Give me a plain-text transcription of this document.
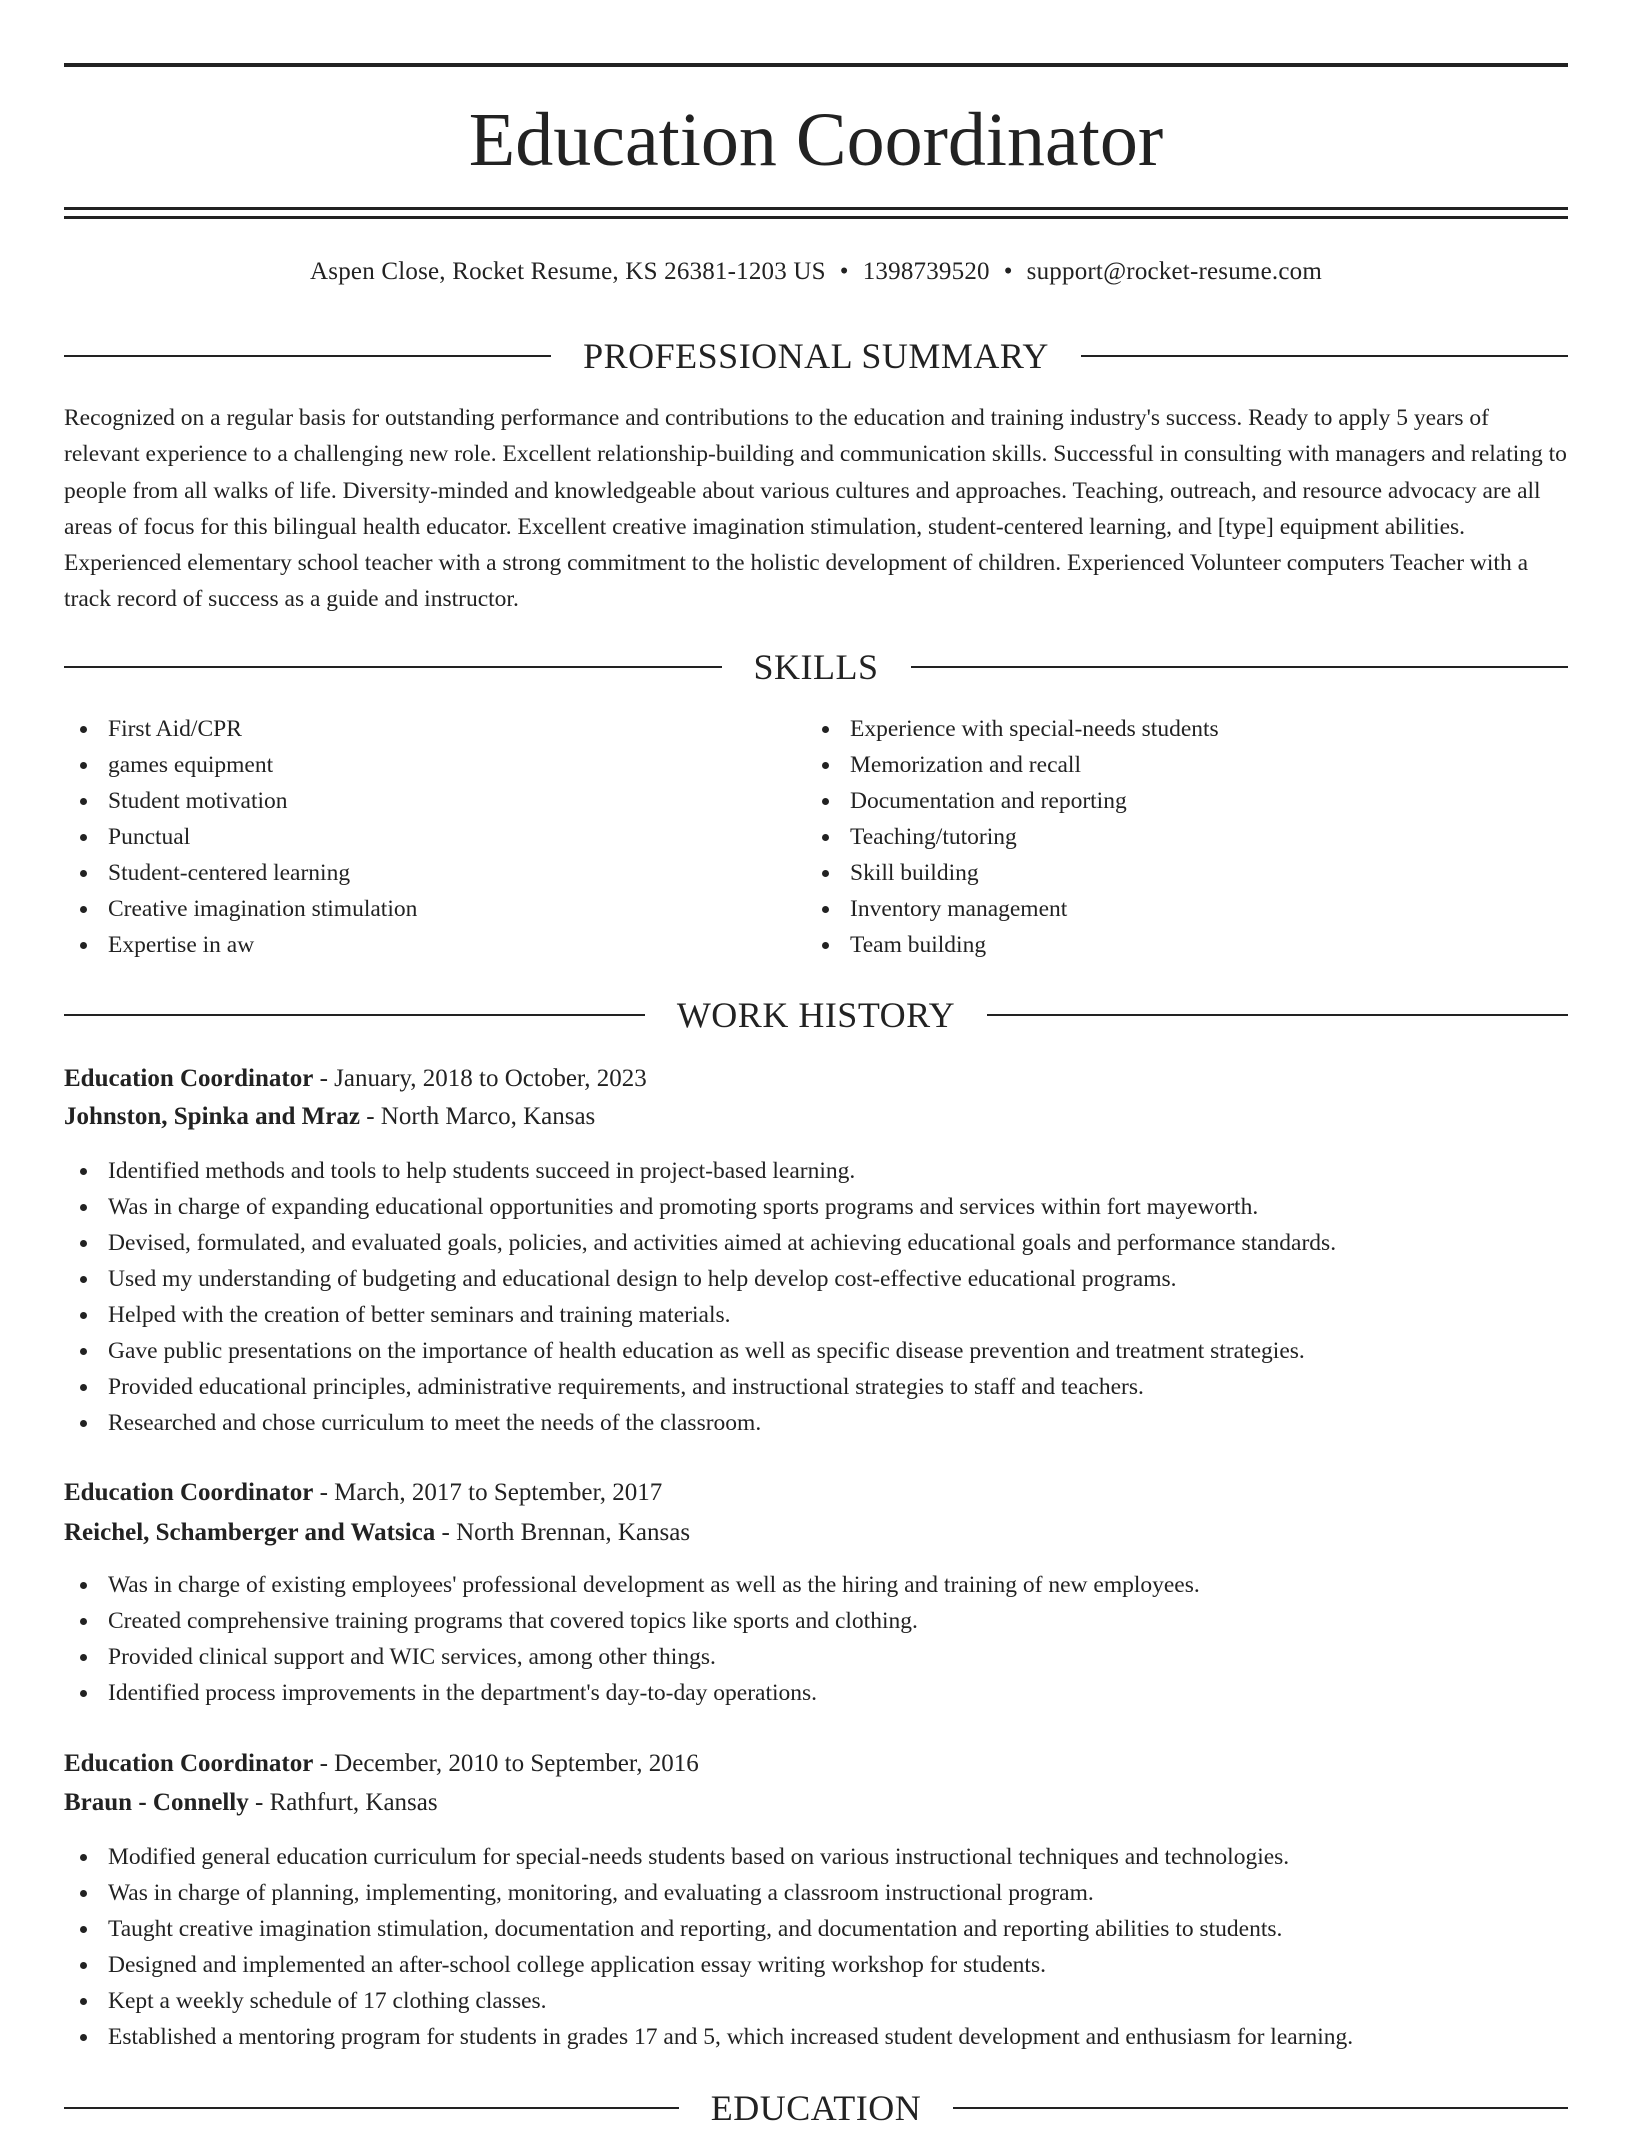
Education Coordinator
Aspen Close, Rocket Resume, KS 26381-1203 US • 1398739520 • support@rocket-resume.com
PROFESSIONAL SUMMARY

Recognized on a regular basis for outstanding performance and contributions to the education and training industry's success. Ready to apply 5 years of relevant experience to a challenging new role. Excellent relationship-building and communication skills. Successful in consulting with managers and relating to people from all walks of life. Diversity-minded and knowledgeable about various cultures and approaches. Teaching, outreach, and resource advocacy are all areas of focus for this bilingual health educator. Excellent creative imagination stimulation, student-centered learning, and [type] equipment abilities. Experienced elementary school teacher with a strong commitment to the holistic development of children. Experienced Volunteer computers Teacher with a track record of success as a guide and instructor.

SKILLS
First Aid/CPR
games equipment
Student motivation
Punctual
Student-centered learning
Creative imagination stimulation
Expertise in aw
Experience with special-needs students
Memorization and recall
Documentation and reporting
Teaching/tutoring
Skill building
Inventory management
Team building
WORK HISTORY
Education Coordinator - January, 2018 to October, 2023
Johnston, Spinka and Mraz - North Marco, Kansas
Identified methods and tools to help students succeed in project-based learning.
Was in charge of expanding educational opportunities and promoting sports programs and services within fort mayeworth.
Devised, formulated, and evaluated goals, policies, and activities aimed at achieving educational goals and performance standards.
Used my understanding of budgeting and educational design to help develop cost-effective educational programs.
Helped with the creation of better seminars and training materials.
Gave public presentations on the importance of health education as well as specific disease prevention and treatment strategies.
Provided educational principles, administrative requirements, and instructional strategies to staff and teachers.
Researched and chose curriculum to meet the needs of the classroom.
Education Coordinator - March, 2017 to September, 2017
Reichel, Schamberger and Watsica - North Brennan, Kansas
Was in charge of existing employees' professional development as well as the hiring and training of new employees.
Created comprehensive training programs that covered topics like sports and clothing.
Provided clinical support and WIC services, among other things.
Identified process improvements in the department's day-to-day operations.
Education Coordinator - December, 2010 to September, 2016
Braun - Connelly - Rathfurt, Kansas
Modified general education curriculum for special-needs students based on various instructional techniques and technologies.
Was in charge of planning, implementing, monitoring, and evaluating a classroom instructional program.
Taught creative imagination stimulation, documentation and reporting, and documentation and reporting abilities to students.
Designed and implemented an after-school college application essay writing workshop for students.
Kept a weekly schedule of 17 clothing classes.
Established a mentoring program for students in grades 17 and 5, which increased student development and enthusiasm for learning.
EDUCATION
